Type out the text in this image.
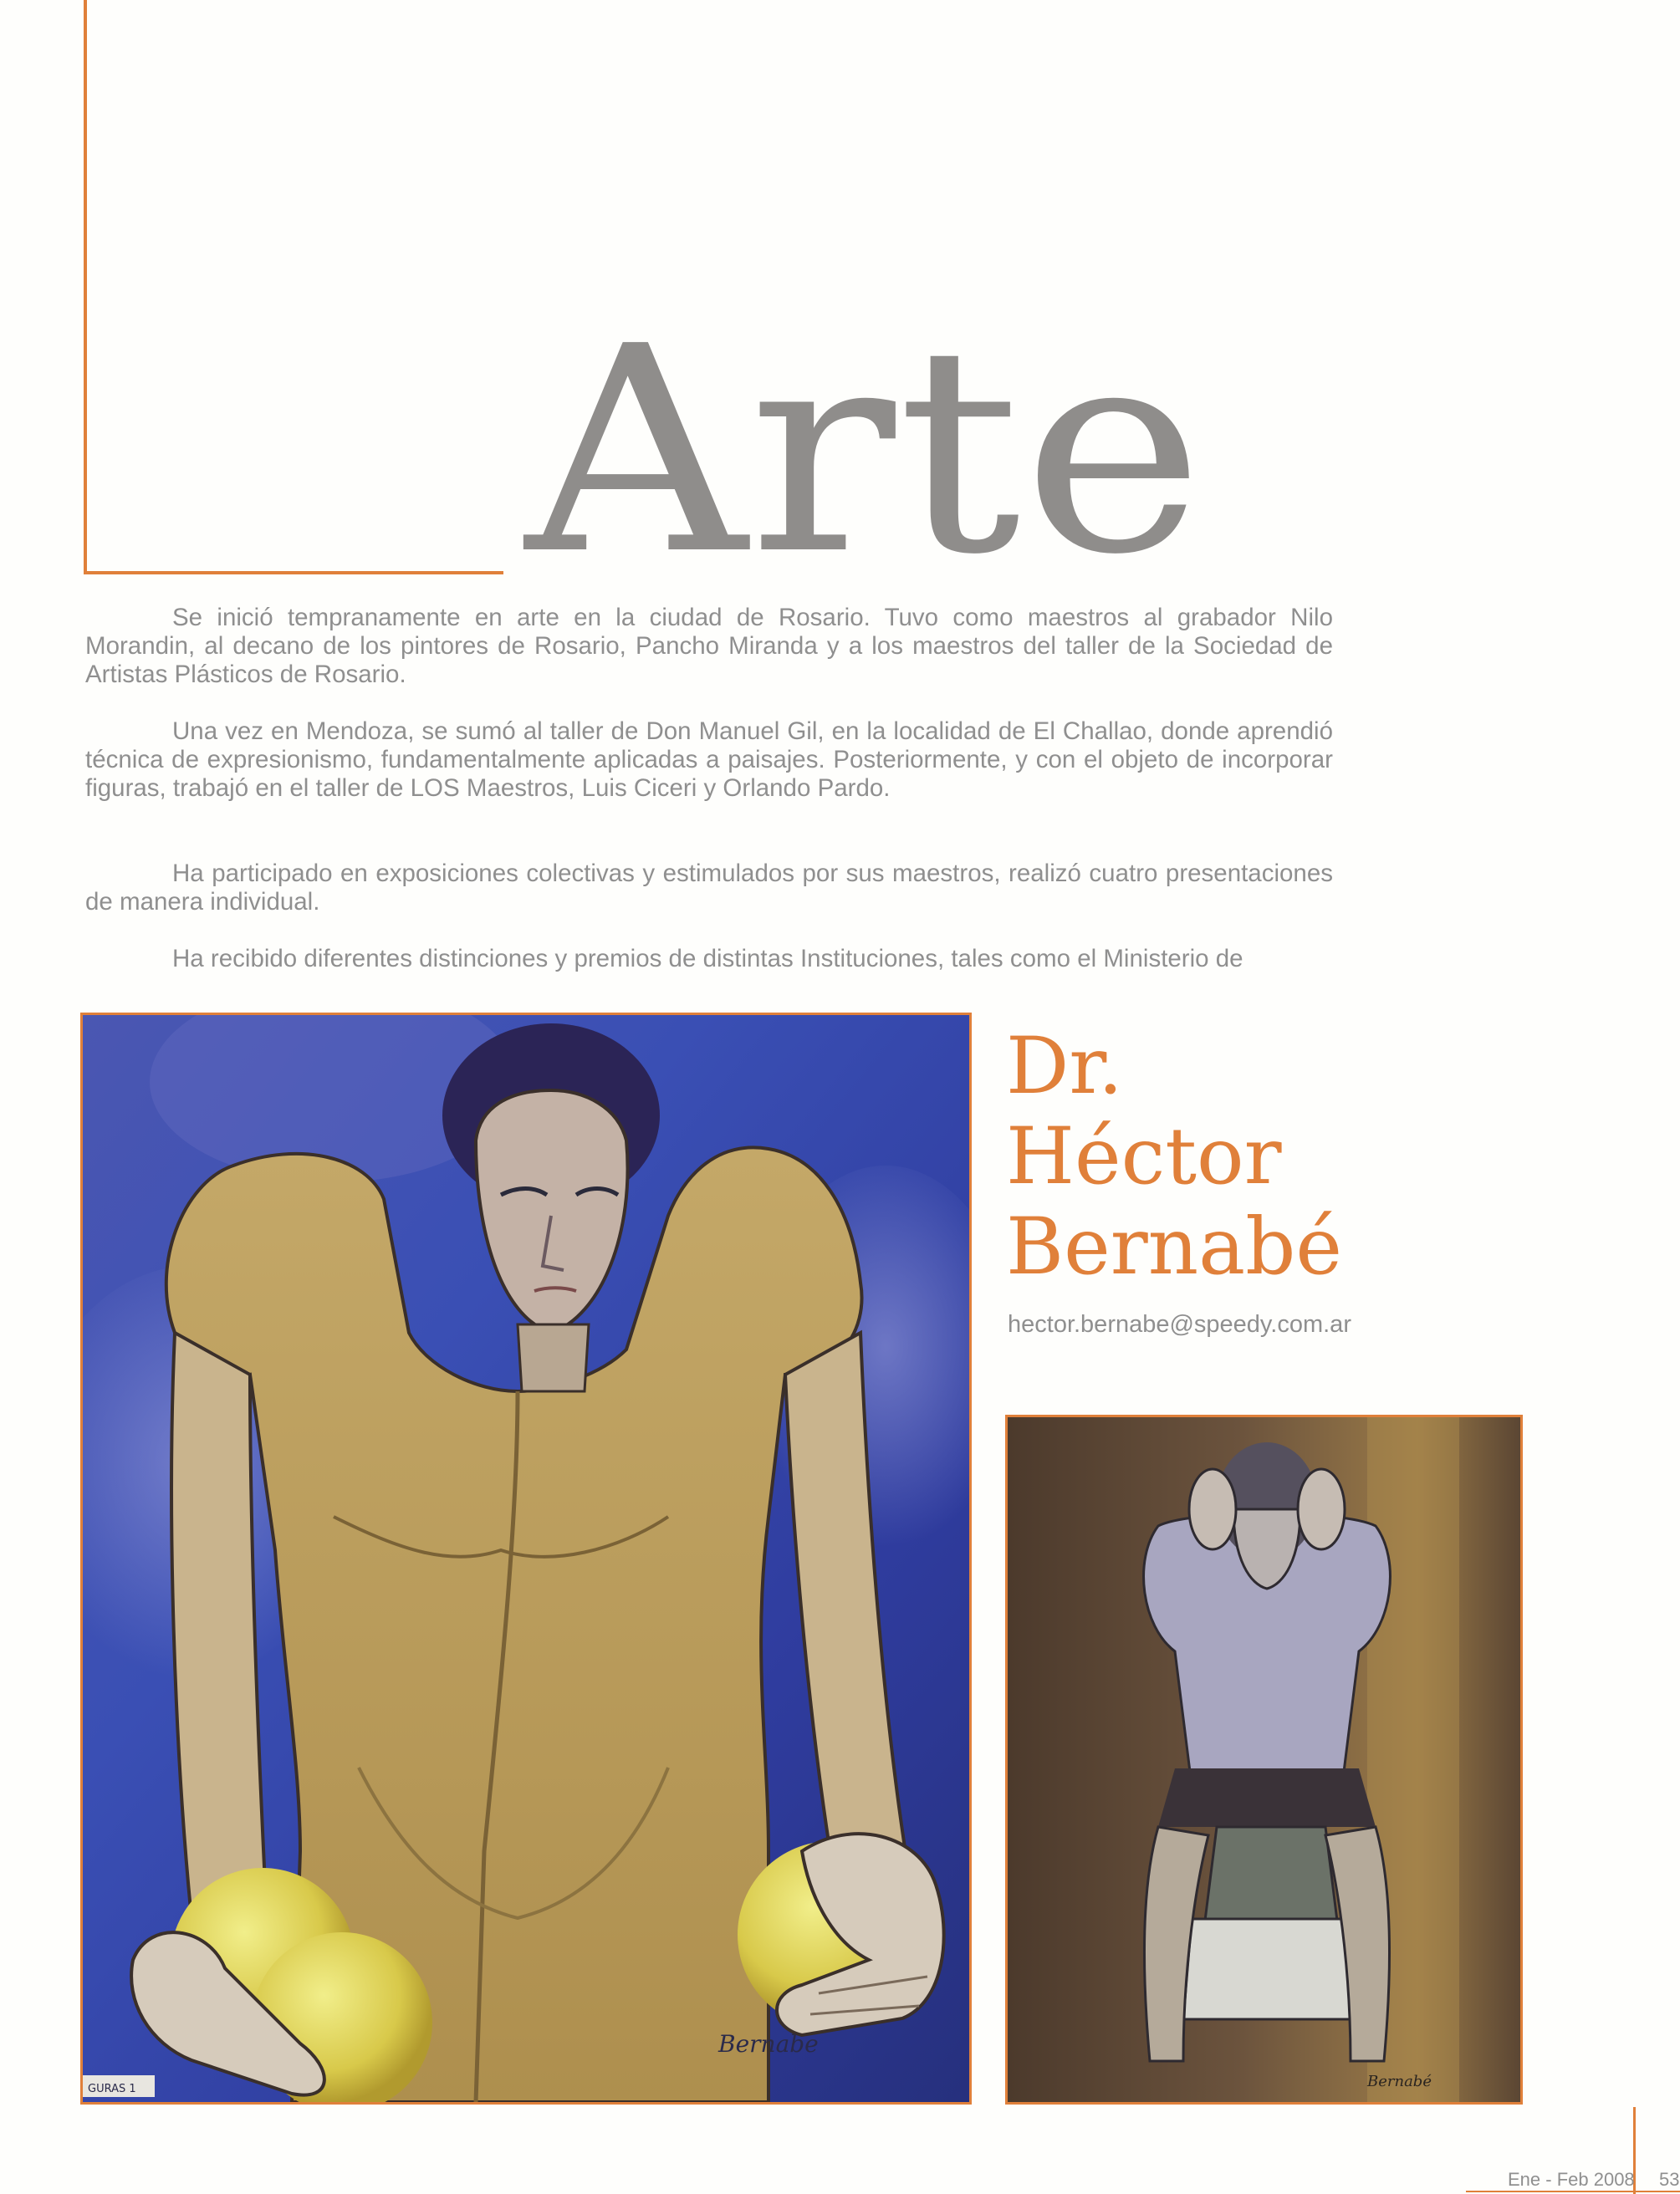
Arte

Se inició tempranamente en arte en la ciudad de Rosario. Tuvo como maestros al grabador Nilo Morandin, al decano de los pintores de Rosario, Pancho Miranda y a los maestros del taller de la Sociedad de Artistas Plásticos de Rosario.

Una vez en Mendoza, se sumó al taller de Don Manuel Gil, en la localidad de El Challao, donde aprendió técnica de expresionismo, fundamentalmente aplicadas a paisajes. Posteriormente, y con el objeto de incorporar figuras, trabajó en el taller de LOS Maestros, Luis Ciceri y Orlando Pardo.

Ha participado en exposiciones colectivas y estimulados por sus maestros, realizó cuatro presentaciones de manera individual.

Ha recibido diferentes distinciones y premios de distintas Instituciones, tales como el Ministerio de

Dr.
Héctor
Bernabé
hector.bernabe@speedy.com.ar
Bernabe
GURAS 1	Bernabé
Ene - Feb 2008 53
